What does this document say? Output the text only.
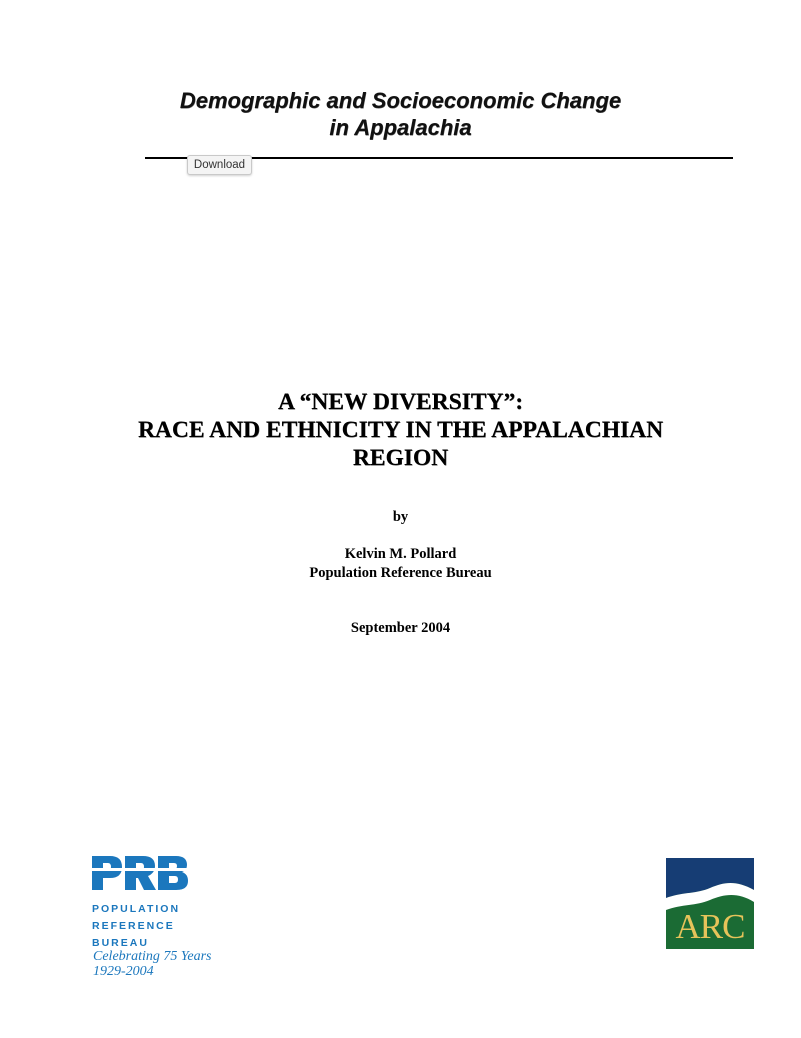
Demographic and Socioeconomic Change
in Appalachia
Download
A “NEW DIVERSITY”:
RACE AND ETHNICITY IN THE APPALACHIAN
REGION
by
Kelvin M. Pollard
Population Reference Bureau
September 2004
POPULATION
REFERENCE
BUREAU
Celebrating 75 Years
1929-2004
ARC
